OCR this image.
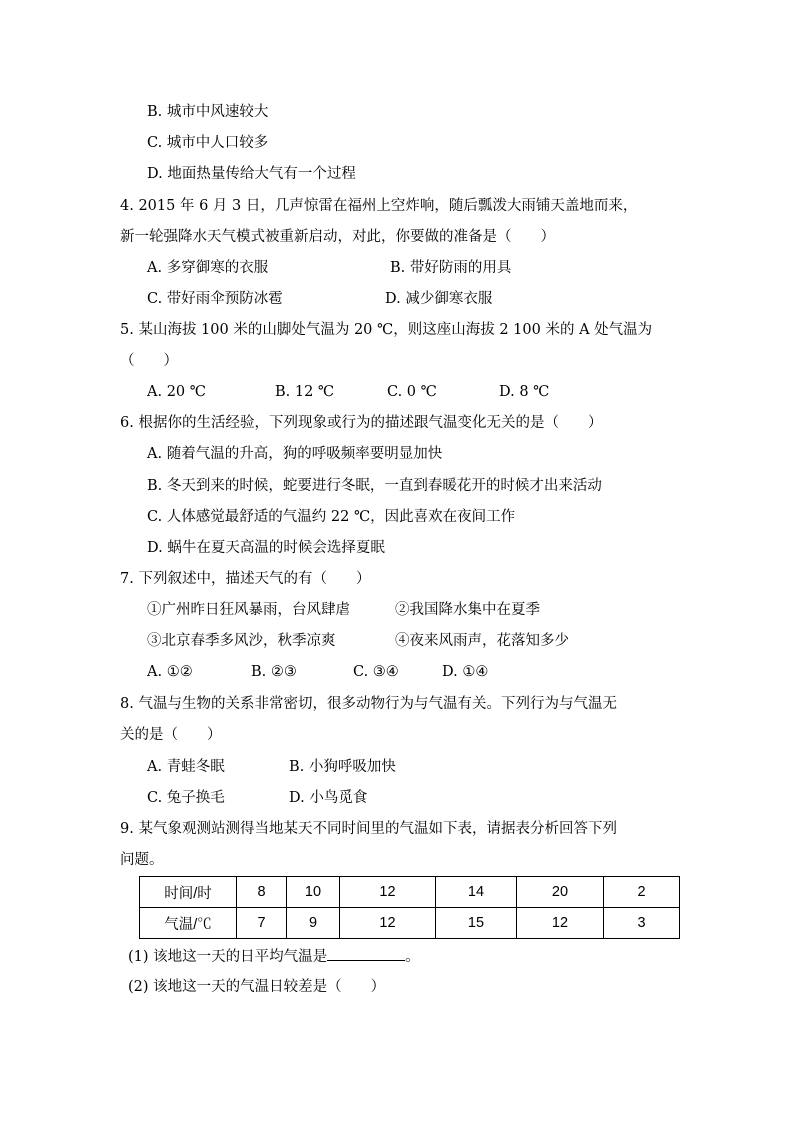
B. 城市中风速较大
C. 城市中人口较多
D. 地面热量传给大气有一个过程
4. 2015 年 6 月 3 日，几声惊雷在福州上空炸响，随后瓢泼大雨铺天盖地而来，
新一轮强降水天气模式被重新启动，对此，你要做的准备是（　　）
A. 多穿御寒的衣服	B. 带好防雨的用具
C. 带好雨伞预防冰雹	D. 减少御寒衣服
5. 某山海拔 100 米的山脚处气温为 20 ℃，则这座山海拔 2 100 米的 A 处气温为
（　　）
A. 20 ℃	B. 12 ℃	C. 0 ℃	D. 8 ℃
6. 根据你的生活经验，下列现象或行为的描述跟气温变化无关的是（　　）
A. 随着气温的升高，狗的呼吸频率要明显加快
B. 冬天到来的时候，蛇要进行冬眠，一直到春暖花开的时候才出来活动
C. 人体感觉最舒适的气温约 22 ℃，因此喜欢在夜间工作
D. 蜗牛在夏天高温的时候会选择夏眠
7. 下列叙述中，描述天气的有（　　）
①广州昨日狂风暴雨，台风肆虐	②我国降水集中在夏季
③北京春季多风沙，秋季凉爽	④夜来风雨声，花落知多少
A. ①②	B. ②③	C. ③④	D. ①④
8. 气温与生物的关系非常密切，很多动物行为与气温有关。下列行为与气温无
关的是（　　）
A. 青蛙冬眠	B. 小狗呼吸加快
C. 兔子换毛	D. 小鸟觅食
9. 某气象观测站测得当地某天不同时间里的气温如下表，请据表分析回答下列
问题。
时间/时	8	10	12	14	20	2
气温/℃	7	9	12	15	12	3
(1) 该地这一天的日平均气温是	。
(2) 该地这一天的气温日较差是（　　）
